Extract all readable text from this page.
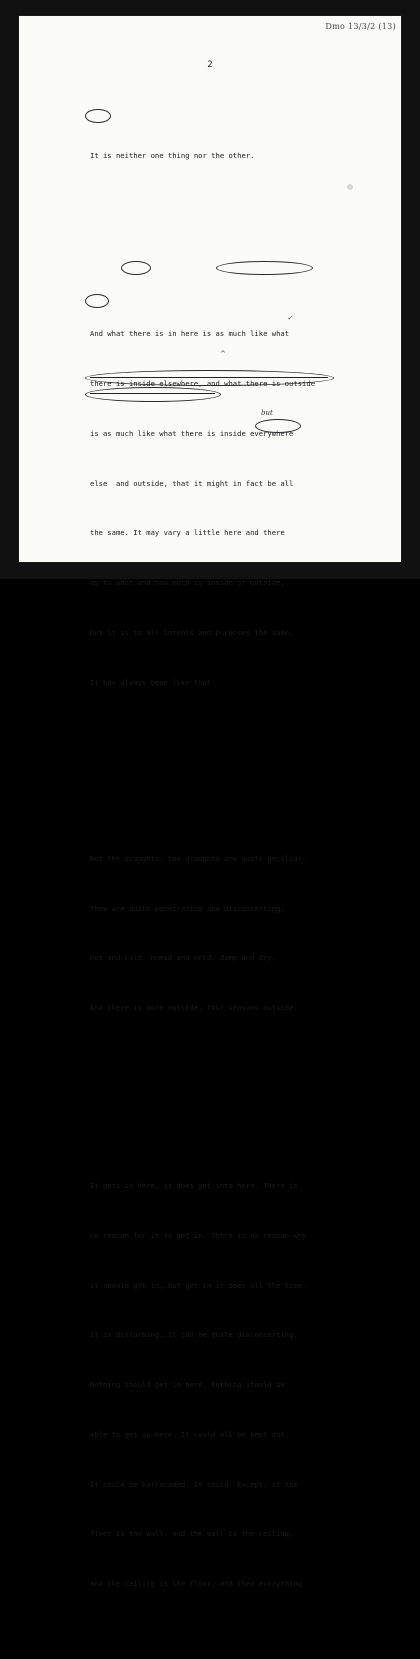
Dmo 13/3/2 (13)
2

It is neither one thing nor the other.

And what there is in here is as much like what

there is inside elsewhere, and what there is outside

is as much like what there is inside everywhere

else  and outside, that it might in fact be all

the same. It may vary a little here and there

as to what and how much is inside or outside,

but it is to all intents and purposes the same.

It has always been like that.

But the draughts, the draughts are quite peculiar.

They are quite penetrating and disconcerting,

hot and cold, humid and arid, damp and dry.

And there is more outside, four seasons outside.

It gets in here, it does get into here. There is

no reason for it to get in. There is no reason why

it should get in, but get in it does all the time.

It is disturbing. It can be quite disconcerting.

Nothing should get in here. Nothing should be

able to get in here. It could all be kept out.

It could be barracaded. It could. Except, if the

floor is the wall, and the wall is the ceiling,

and the ceiling is the floor, and then everything

but
✓
^
